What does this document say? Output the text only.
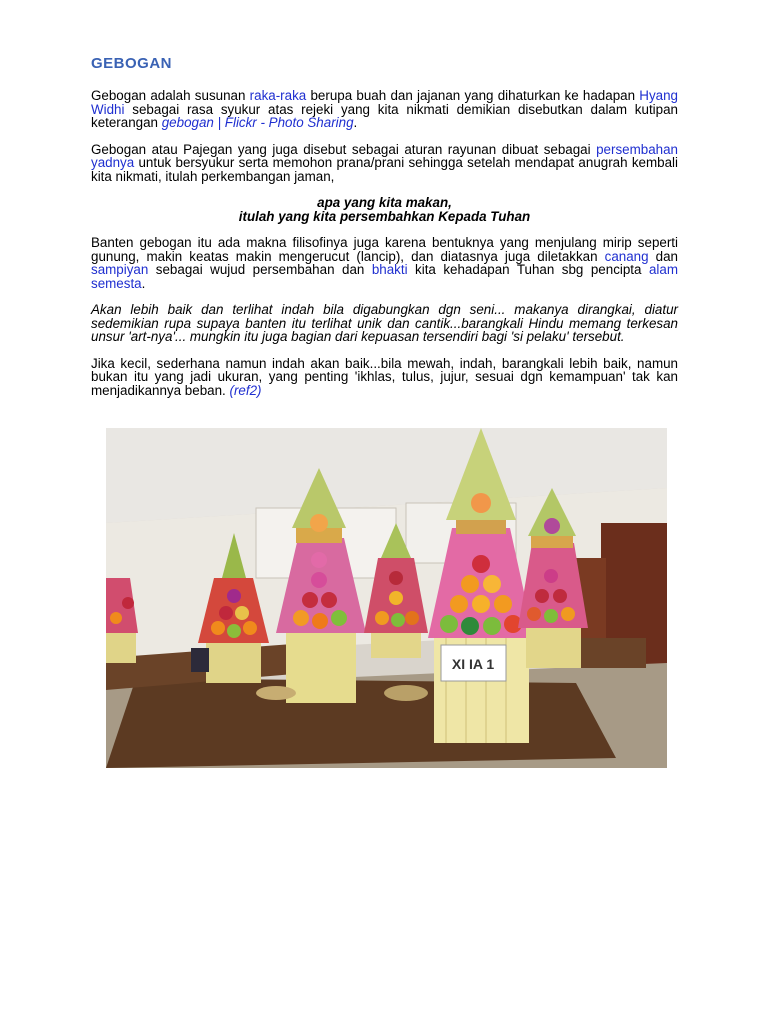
GEBOGAN

Gebogan adalah susunan raka-raka berupa buah dan jajanan yang dihaturkan ke hadapan Hyang Widhi sebagai rasa syukur atas rejeki yang kita nikmati demikian disebutkan dalam kutipan keterangan gebogan | Flickr - Photo Sharing.

Gebogan atau Pajegan yang juga disebut sebagai aturan rayunan dibuat sebagai persembahan yadnya untuk bersyukur serta memohon prana/prani sehingga setelah mendapat anugrah kembali kita nikmati, itulah perkembangan jaman,

apa yang kita makan,
itulah yang kita persembahkan Kepada Tuhan

Banten gebogan itu ada makna filisofinya juga karena bentuknya yang menjulang mirip seperti gunung, makin keatas makin mengerucut (lancip), dan diatasnya juga diletakkan canang dan sampiyan sebagai wujud persembahan dan bhakti kita kehadapan Tuhan sbg pencipta alam semesta.

Akan lebih baik dan terlihat indah bila digabungkan dgn seni... makanya dirangkai, diatur sedemikian rupa supaya banten itu terlihat unik dan cantik...barangkali Hindu memang terkesan unsur 'art-nya'... mungkin itu juga bagian dari kepuasan tersendiri bagi 'si pelaku' tersebut.

Jika kecil, sederhana namun indah akan baik...bila mewah, indah, barangkali lebih baik, namun bukan itu yang jadi ukuran, yang penting 'ikhlas, tulus, jujur, sesuai dgn kemampuan' tak kan menjadikannya beban. (ref2)

XI IA 1
